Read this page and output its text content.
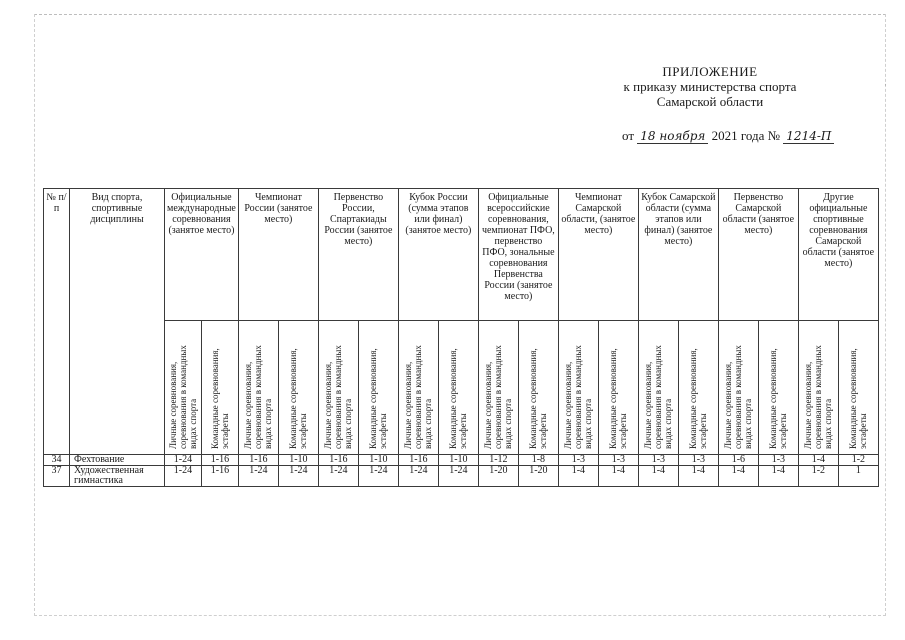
ПРИЛОЖЕНИЕ
к приказу министерства спорта
Самарской области
от 18 ноября 2021 года № 1214-П
№ п/п	Вид спорта, спортивные дисциплины	Официальные международные соревнования (занятое место)		Чемпионат России (занятое место)		Первенство России, Спартакиады России (занятое место)		Кубок России (сумма этапов или финал) (занятое место)		Официальные всероссийские соревнования, чемпионат ПФО, первенство ПФО, зональные соревнования Первенства России (занятое место)		Чемпионат Самарской области, (занятое место)		Кубок Самарской области (сумма этапов или финал) (занятое место)		Первенство Самарской области (занятое место)		Другие официальные спортивные соревнования Самарской области (занятое место)	
		Личные соревнования, соревнования в командных видах спорта	Командные соревнования, эстафеты	Личные соревнования, соревнования в командных видах спорта	Командные соревнования, эстафеты	Личные соревнования, соревнования в командных видах спорта	Командные соревнования, эстафеты	Личные соревнования, соревнования в командных видах спорта	Командные соревнования, эстафеты	Личные соревнования, соревнования в командных видах спорта	Командные соревнования, эстафеты	Личные соревнования, соревнования в командных видах спорта	Командные соревнования, эстафеты	Личные соревнования, соревнования в командных видах спорта	Командные соревнования, эстафеты	Личные соревнования, соревнования в командных видах спорта	Командные соревнования, эстафеты	Личные соревнования, соревнования в командных видах спорта	Командные соревнования, эстафеты
34	Фехтование	1-24	1-16	1-16	1-10	1-16	1-10	1-16	1-10	1-12	1-8	1-3	1-3	1-3	1-3	1-6	1-3	1-4	1-2
37	Художественная гимнастика	1-24	1-16	1-24	1-24	1-24	1-24	1-24	1-24	1-20	1-20	1-4	1-4	1-4	1-4	1-4	1-4	1-2	1
·
·
